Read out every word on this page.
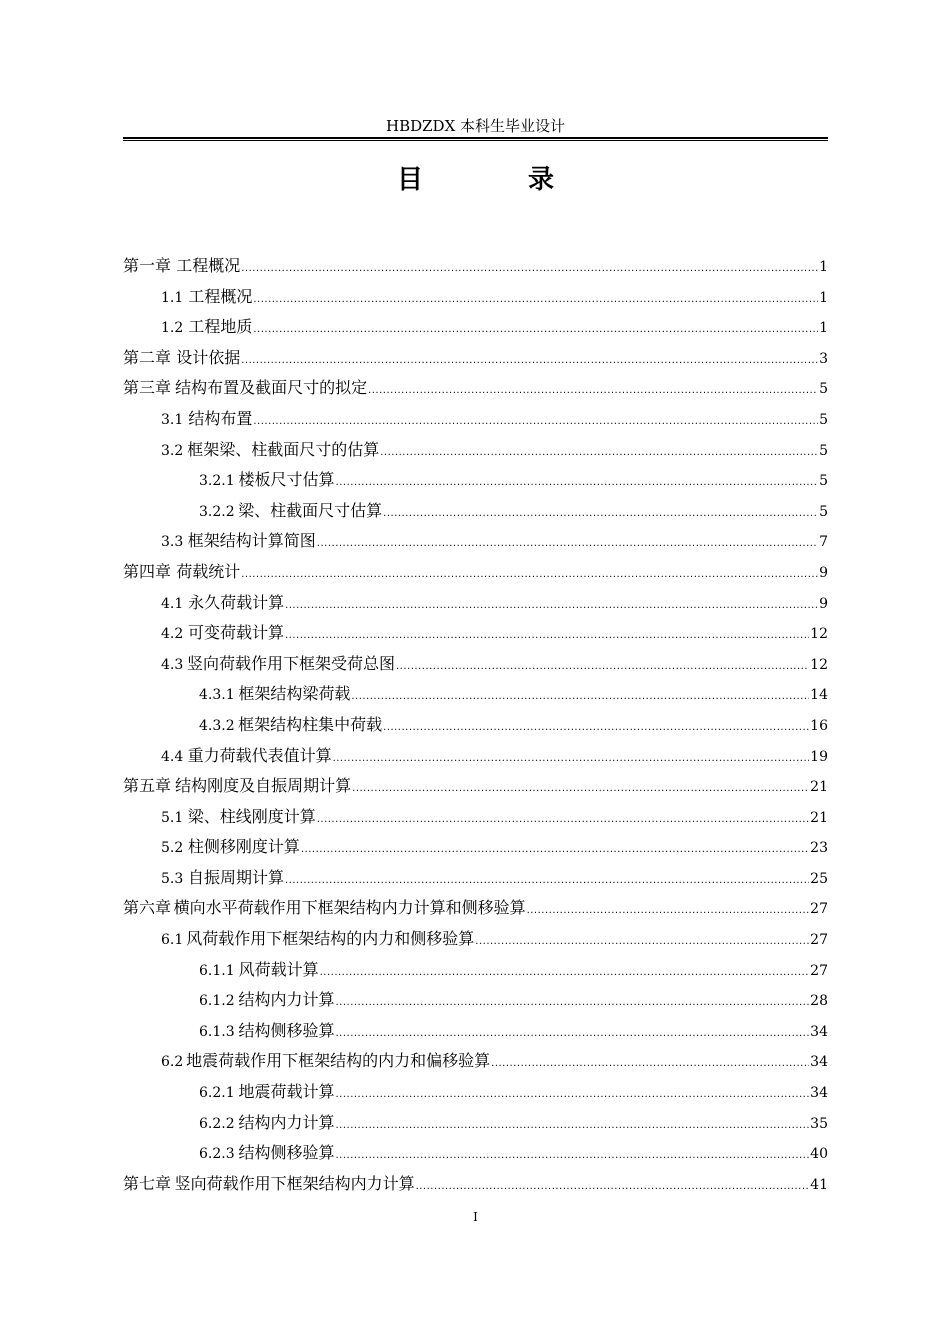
HBDZDX 本科生毕业设计
目 录
第一章 工程概况 .....	1
1.1 工程概况 .....	1
1.2 工程地质 .....	1
第二章 设计依据 .....	3
第三章 结构布置及截面尺寸的拟定 .....	5
3.1 结构布置 .....	5
3.2 框架梁、柱截面尺寸的估算 .....	5
3.2.1 楼板尺寸估算 .....	5
3.2.2 梁、柱截面尺寸估算 .....	5
3.3 框架结构计算简图 .....	7
第四章 荷载统计 .....	9
4.1 永久荷载计算 .....	9
4.2 可变荷载计算 .....	12
4.3 竖向荷载作用下框架受荷总图 .....	12
4.3.1 框架结构梁荷载 .....	14
4.3.2 框架结构柱集中荷载 .....	16
4.4 重力荷载代表值计算 .....	19
第五章 结构刚度及自振周期计算 .....	21
5.1 梁、柱线刚度计算 .....	21
5.2 柱侧移刚度计算 .....	23
5.3 自振周期计算 .....	25
第六章 横向水平荷载作用下框架结构内力计算和侧移验算 .....	27
6.1 风荷载作用下框架结构的内力和侧移验算 .....	27
6.1.1 风荷载计算 .....	27
6.1.2 结构内力计算 .....	28
6.1.3 结构侧移验算 .....	34
6.2 地震荷载作用下框架结构的内力和偏移验算 .....	34
6.2.1 地震荷载计算 .....	34
6.2.2 结构内力计算 .....	35
6.2.3 结构侧移验算 .....	40
第七章 竖向荷载作用下框架结构内力计算 .....	41
I
